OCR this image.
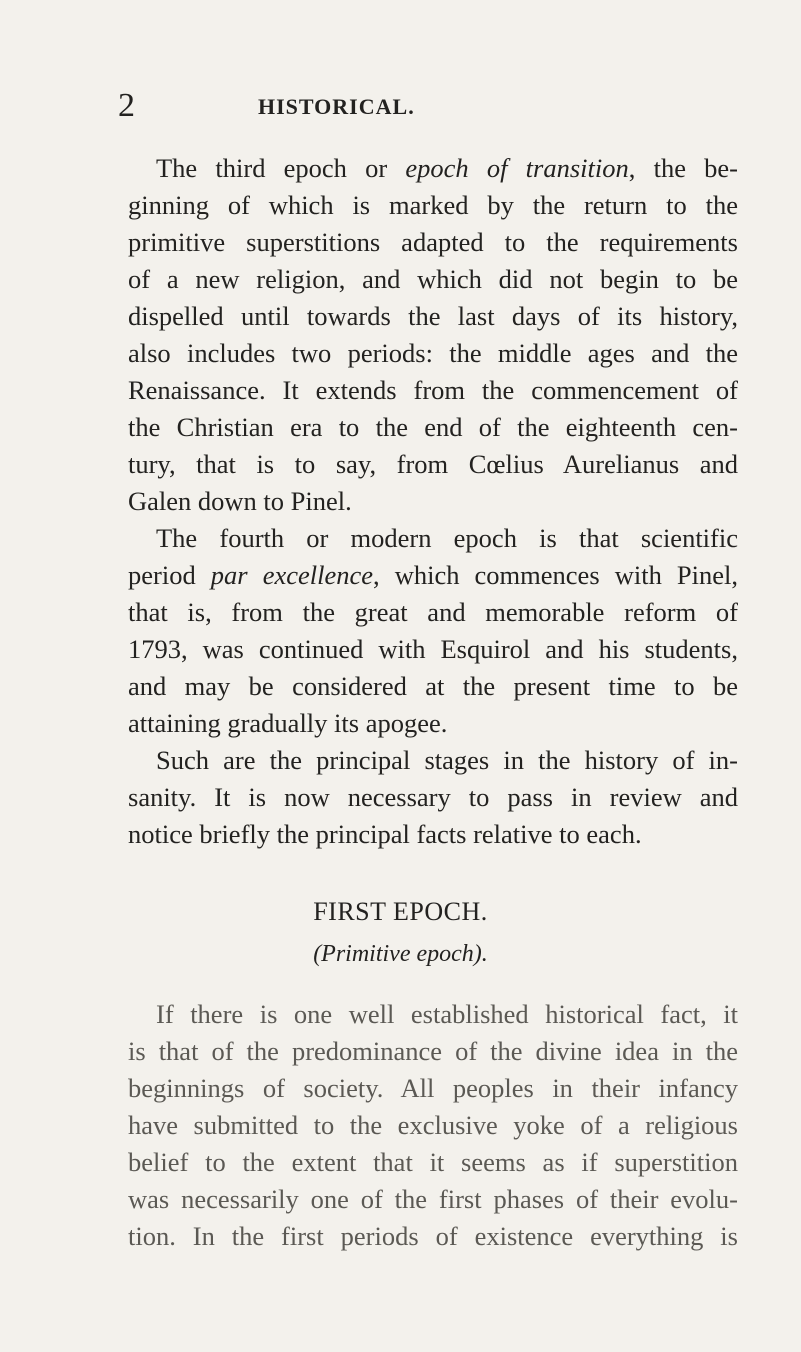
2	HISTORICAL.
The third epoch or epoch of transition, the be-
ginning of which is marked by the return to the
primitive superstitions adapted to the requirements
of a new religion, and which did not begin to be
dispelled until towards the last days of its history,
also includes two periods: the middle ages and the
Renaissance. It extends from the commencement of
the Christian era to the end of the eighteenth cen-
tury, that is to say, from Cœlius Aurelianus and
Galen down to Pinel.
The fourth or modern epoch is that scientific
period par excellence, which commences with Pinel,
that is, from the great and memorable reform of
1793, was continued with Esquirol and his students,
and may be considered at the present time to be
attaining gradually its apogee.
Such are the principal stages in the history of in-
sanity. It is now necessary to pass in review and
notice briefly the principal facts relative to each.
FIRST EPOCH.
(Primitive epoch).
If there is one well established historical fact, it
is that of the predominance of the divine idea in the
beginnings of society. All peoples in their infancy
have submitted to the exclusive yoke of a religious
belief to the extent that it seems as if superstition
was necessarily one of the first phases of their evolu-
tion. In the first periods of existence everything is
